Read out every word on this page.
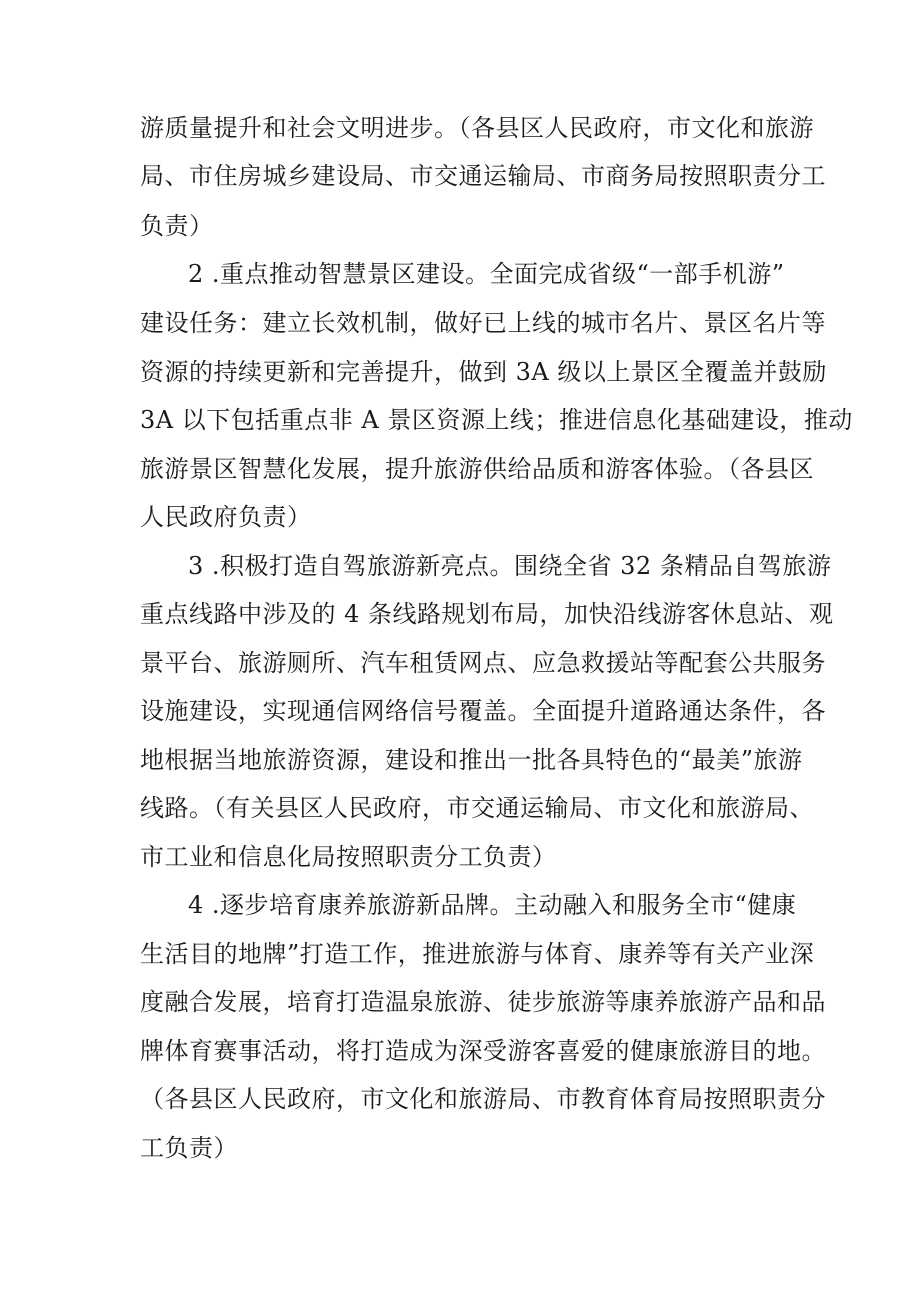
游质量提升和社会文明进步。（各县区人民政府，市文化和旅游
局、市住房城乡建设局、市交通运输局、市商务局按照职责分工
负责）
2 .重点推动智慧景区建设。全面完成省级“一部手机游”
建设任务：建立长效机制，做好已上线的城市名片、景区名片等
资源的持续更新和完善提升，做到 3A 级以上景区全覆盖并鼓励
3A 以下包括重点非 A 景区资源上线；推进信息化基础建设，推动
旅游景区智慧化发展，提升旅游供给品质和游客体验。（各县区
人民政府负责）
3 .积极打造自驾旅游新亮点。围绕全省 32 条精品自驾旅游
重点线路中涉及的 4 条线路规划布局，加快沿线游客休息站、观
景平台、旅游厕所、汽车租赁网点、应急救援站等配套公共服务
设施建设，实现通信网络信号覆盖。全面提升道路通达条件，各
地根据当地旅游资源，建设和推出一批各具特色的“最美”旅游
线路。（有关县区人民政府，市交通运输局、市文化和旅游局、
市工业和信息化局按照职责分工负责）
4 .逐步培育康养旅游新品牌。主动融入和服务全市“健康
生活目的地牌”打造工作，推进旅游与体育、康养等有关产业深
度融合发展，培育打造温泉旅游、徒步旅游等康养旅游产品和品
牌体育赛事活动，将打造成为深受游客喜爱的健康旅游目的地。
（各县区人民政府，市文化和旅游局、市教育体育局按照职责分
工负责）
